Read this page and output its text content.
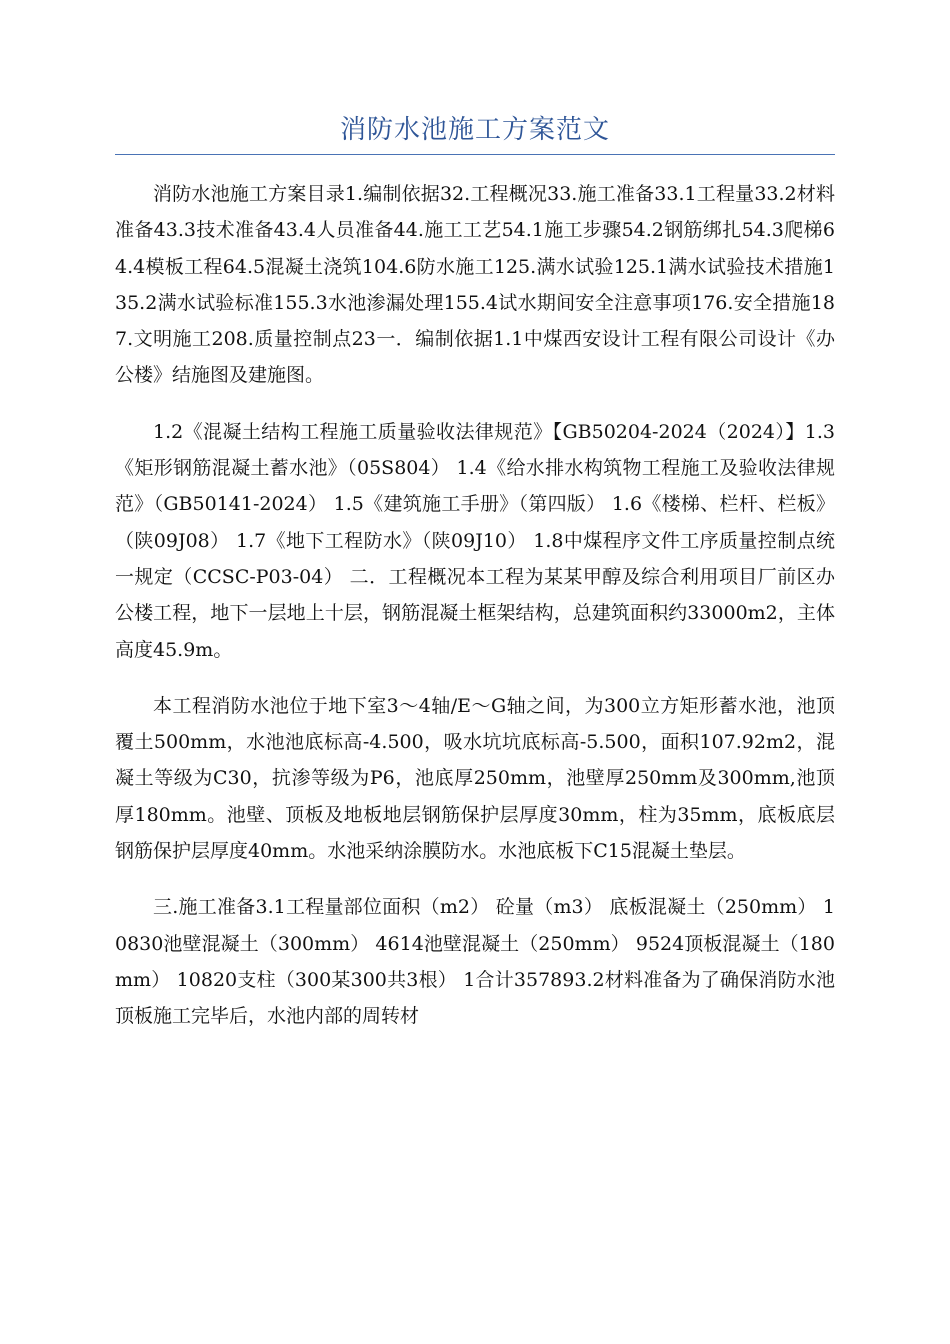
消防水池施工方案范文

消防水池施工方案目录1.编制依据32.工程概况33.施工准备33.1工程量33.2材料准备43.3技术准备43.4人员准备44.施工工艺54.1施工步骤54.2钢筋绑扎54.3爬梯64.4模板工程64.5混凝土浇筑104.6防水施工125.满水试验125.1满水试验技术措施135.2满水试验标准155.3水池渗漏处理155.4试水期间安全注意事项176.安全措施187.文明施工208.质量控制点23一．编制依据1.1中煤西安设计工程有限公司设计《办公楼》结施图及建施图。

1.2《混凝土结构工程施工质量验收法律规范》【GB50204-2024（2024）】1.3《矩形钢筋混凝土蓄水池》（05S804） 1.4《给水排水构筑物工程施工及验收法律规范》（GB50141-2024） 1.5《建筑施工手册》（第四版） 1.6《楼梯、栏杆、栏板》（陕09J08） 1.7《地下工程防水》（陕09J10） 1.8中煤程序文件工序质量控制点统一规定（CCSC-P03-04） 二．工程概况本工程为某某甲醇及综合利用项目厂前区办公楼工程，地下一层地上十层，钢筋混凝土框架结构，总建筑面积约33000m2，主体高度45.9m。

本工程消防水池位于地下室3～4轴/E～G轴之间，为300立方矩形蓄水池，池顶覆土500mm，水池池底标高-4.500，吸水坑坑底标高-5.500，面积107.92m2，混凝土等级为C30，抗渗等级为P6，池底厚250mm，池壁厚250mm及300mm,池顶厚180mm。池壁、顶板及地板地层钢筋保护层厚度30mm，柱为35mm，底板底层钢筋保护层厚度40mm。水池采纳涂膜防水。水池底板下C15混凝土垫层。

三.施工准备3.1工程量部位面积（m2） 砼量（m3） 底板混凝土（250mm） 10830池壁混凝土（300mm） 4614池壁混凝土（250mm） 9524顶板混凝土（180mm） 10820支柱（300某300共3根） 1合计357893.2材料准备为了确保消防水池顶板施工完毕后，水池内部的周转材
